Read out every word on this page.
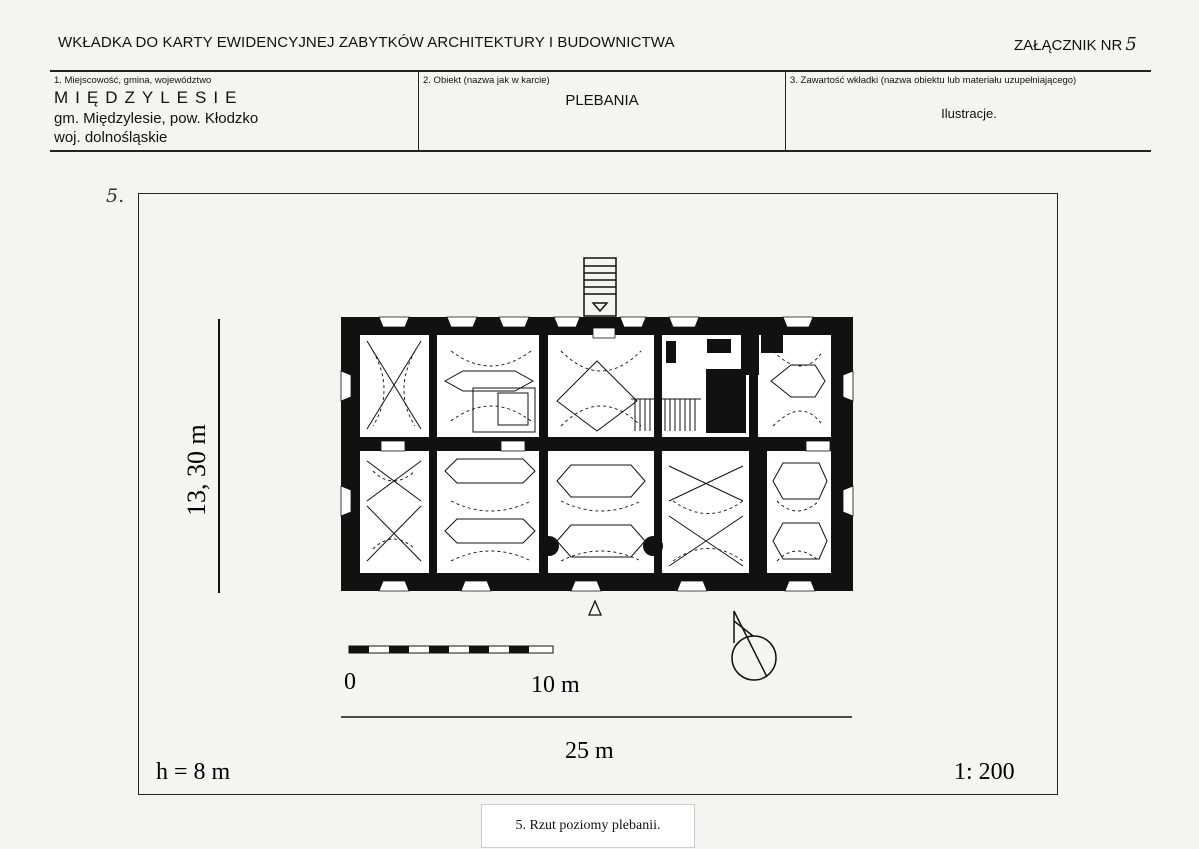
WKŁADKA DO KARTY EWIDENCYJNEJ ZABYTKÓW ARCHITEKTURY I BUDOWNICTWA	ZAŁĄCZNIK NR 5
1. Miejscowość, gmina, województwo
MIĘDZYLESIE
gm. Międzylesie, pow. Kłodzko
woj. dolnośląskie
2. Obiekt (nazwa jak w karcie)
PLEBANIA
3. Zawartość wkładki (nazwa obiektu lub materiału uzupełniającego)
Ilustracje.
5.
13, 30 m
0	10 m
25 m
h = 8 m	1: 200
5. Rzut poziomy plebanii.
